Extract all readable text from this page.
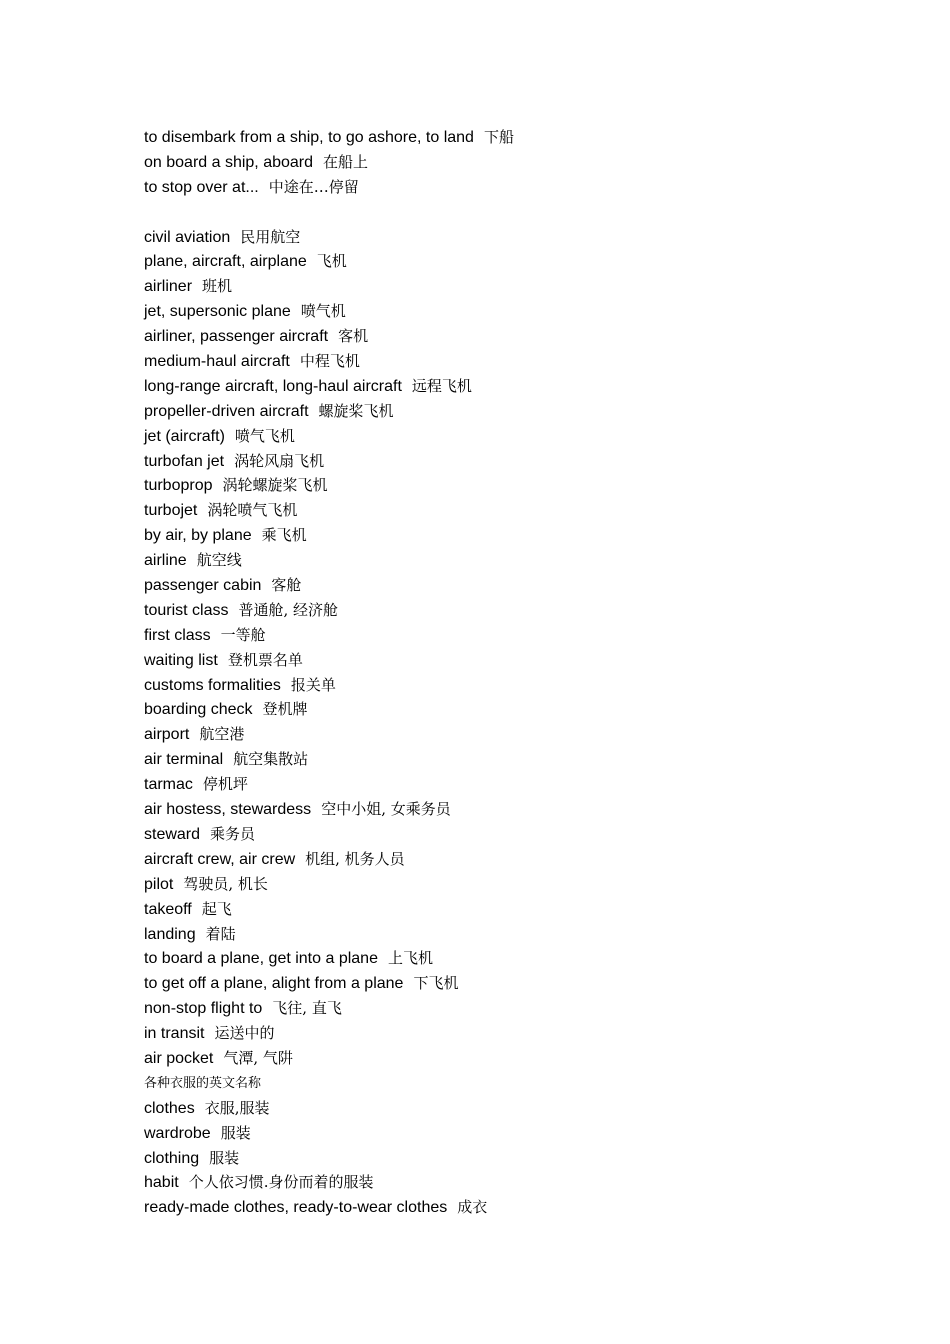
to disembark from a ship, to go ashore, to land 下船
on board a ship, aboard 在船上
to stop over at... 中途在…停留
civil aviation 民用航空
plane, aircraft, airplane 飞机
airliner 班机
jet, supersonic plane 喷气机
airliner, passenger aircraft 客机
medium-haul aircraft 中程飞机
long-range aircraft, long-haul aircraft 远程飞机
propeller-driven aircraft 螺旋桨飞机
jet (aircraft) 喷气飞机
turbofan jet 涡轮风扇飞机
turboprop 涡轮螺旋桨飞机
turbojet 涡轮喷气飞机
by air, by plane 乘飞机
airline 航空线
passenger cabin 客舱
tourist class 普通舱, 经济舱
first class 一等舱
waiting list 登机票名单
customs formalities 报关单
boarding check 登机牌
airport 航空港
air terminal 航空集散站
tarmac 停机坪
air hostess, stewardess 空中小姐, 女乘务员
steward 乘务员
aircraft crew, air crew 机组, 机务人员
pilot 驾驶员, 机长
takeoff 起飞
landing 着陆
to board a plane, get into a plane 上飞机
to get off a plane, alight from a plane 下飞机
non-stop flight to 飞往, 直飞
in transit 运送中的
air pocket 气潭, 气阱
各种衣服的英文名称
clothes 衣服,服装
wardrobe 服装
clothing 服装
habit 个人依习惯.身份而着的服装
ready-made clothes, ready-to-wear clothes 成衣
